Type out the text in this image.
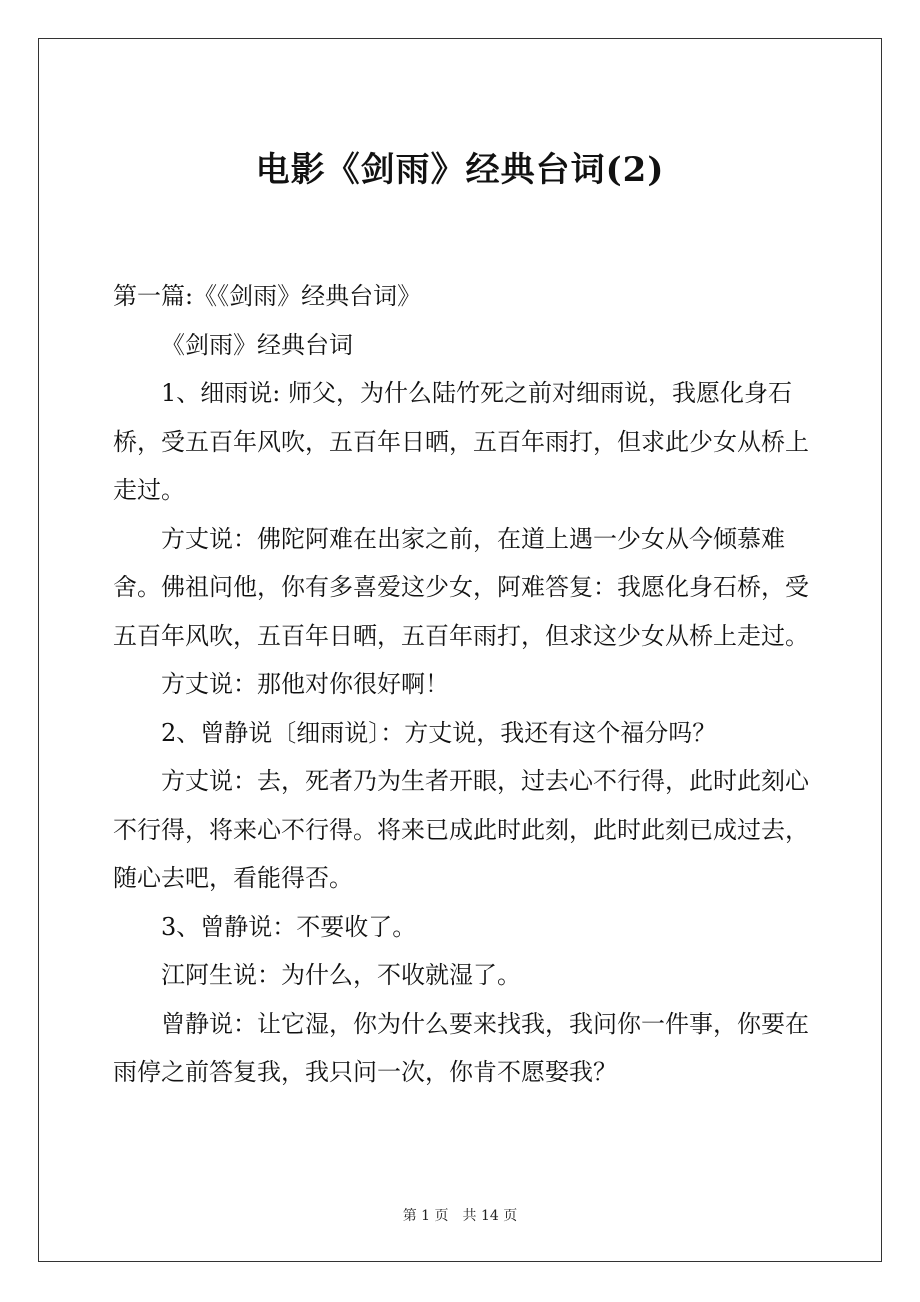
电影《剑雨》经典台词(2)

第一篇:《《剑雨》经典台词》

《剑雨》经典台词

1、细雨说: 师父，为什么陆竹死之前对细雨说，我愿化身石桥，受五百年风吹，五百年日晒，五百年雨打，但求此少女从桥上走过。

方丈说：佛陀阿难在出家之前，在道上遇一少女从今倾慕难舍。佛祖问他，你有多喜爱这少女，阿难答复：我愿化身石桥，受五百年风吹，五百年日晒，五百年雨打，但求这少女从桥上走过。

方丈说：那他对你很好啊！

2、曾静说〔细雨说〕：方丈说，我还有这个福分吗？

方丈说：去，死者乃为生者开眼，过去心不行得，此时此刻心不行得，将来心不行得。将来已成此时此刻，此时此刻已成过去，随心去吧，看能得否。

3、曾静说：不要收了。

江阿生说：为什么，不收就湿了。

曾静说：让它湿，你为什么要来找我，我问你一件事，你要在雨停之前答复我，我只问一次，你肯不愿娶我？

第 1 页 共 14 页
